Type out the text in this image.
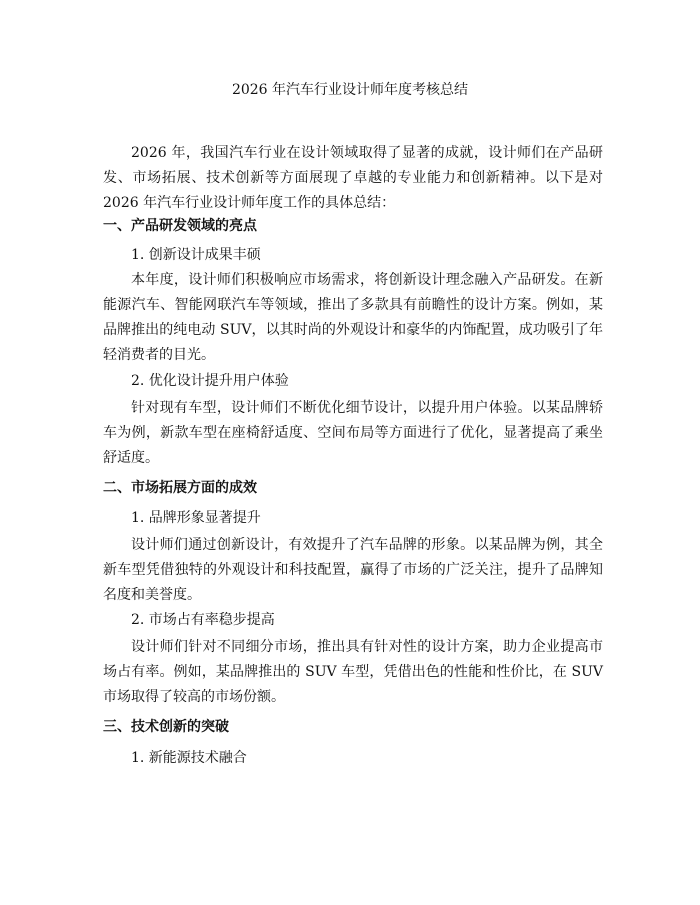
2026 年汽车行业设计师年度考核总结

2026 年，我国汽车行业在设计领域取得了显著的成就，设计师们在产品研发、市场拓展、技术创新等方面展现了卓越的专业能力和创新精神。以下是对 2026 年汽车行业设计师年度工作的具体总结：

一、产品研发领域的亮点

1. 创新设计成果丰硕

本年度，设计师们积极响应市场需求，将创新设计理念融入产品研发。在新能源汽车、智能网联汽车等领域，推出了多款具有前瞻性的设计方案。例如，某品牌推出的纯电动 SUV，以其时尚的外观设计和豪华的内饰配置，成功吸引了年轻消费者的目光。

2. 优化设计提升用户体验

针对现有车型，设计师们不断优化细节设计，以提升用户体验。以某品牌轿车为例，新款车型在座椅舒适度、空间布局等方面进行了优化，显著提高了乘坐舒适度。

二、市场拓展方面的成效

1. 品牌形象显著提升

设计师们通过创新设计，有效提升了汽车品牌的形象。以某品牌为例，其全新车型凭借独特的外观设计和科技配置，赢得了市场的广泛关注，提升了品牌知名度和美誉度。

2. 市场占有率稳步提高

设计师们针对不同细分市场，推出具有针对性的设计方案，助力企业提高市场占有率。例如，某品牌推出的 SUV 车型，凭借出色的性能和性价比，在 SUV 市场取得了较高的市场份额。

三、技术创新的突破

1. 新能源技术融合
